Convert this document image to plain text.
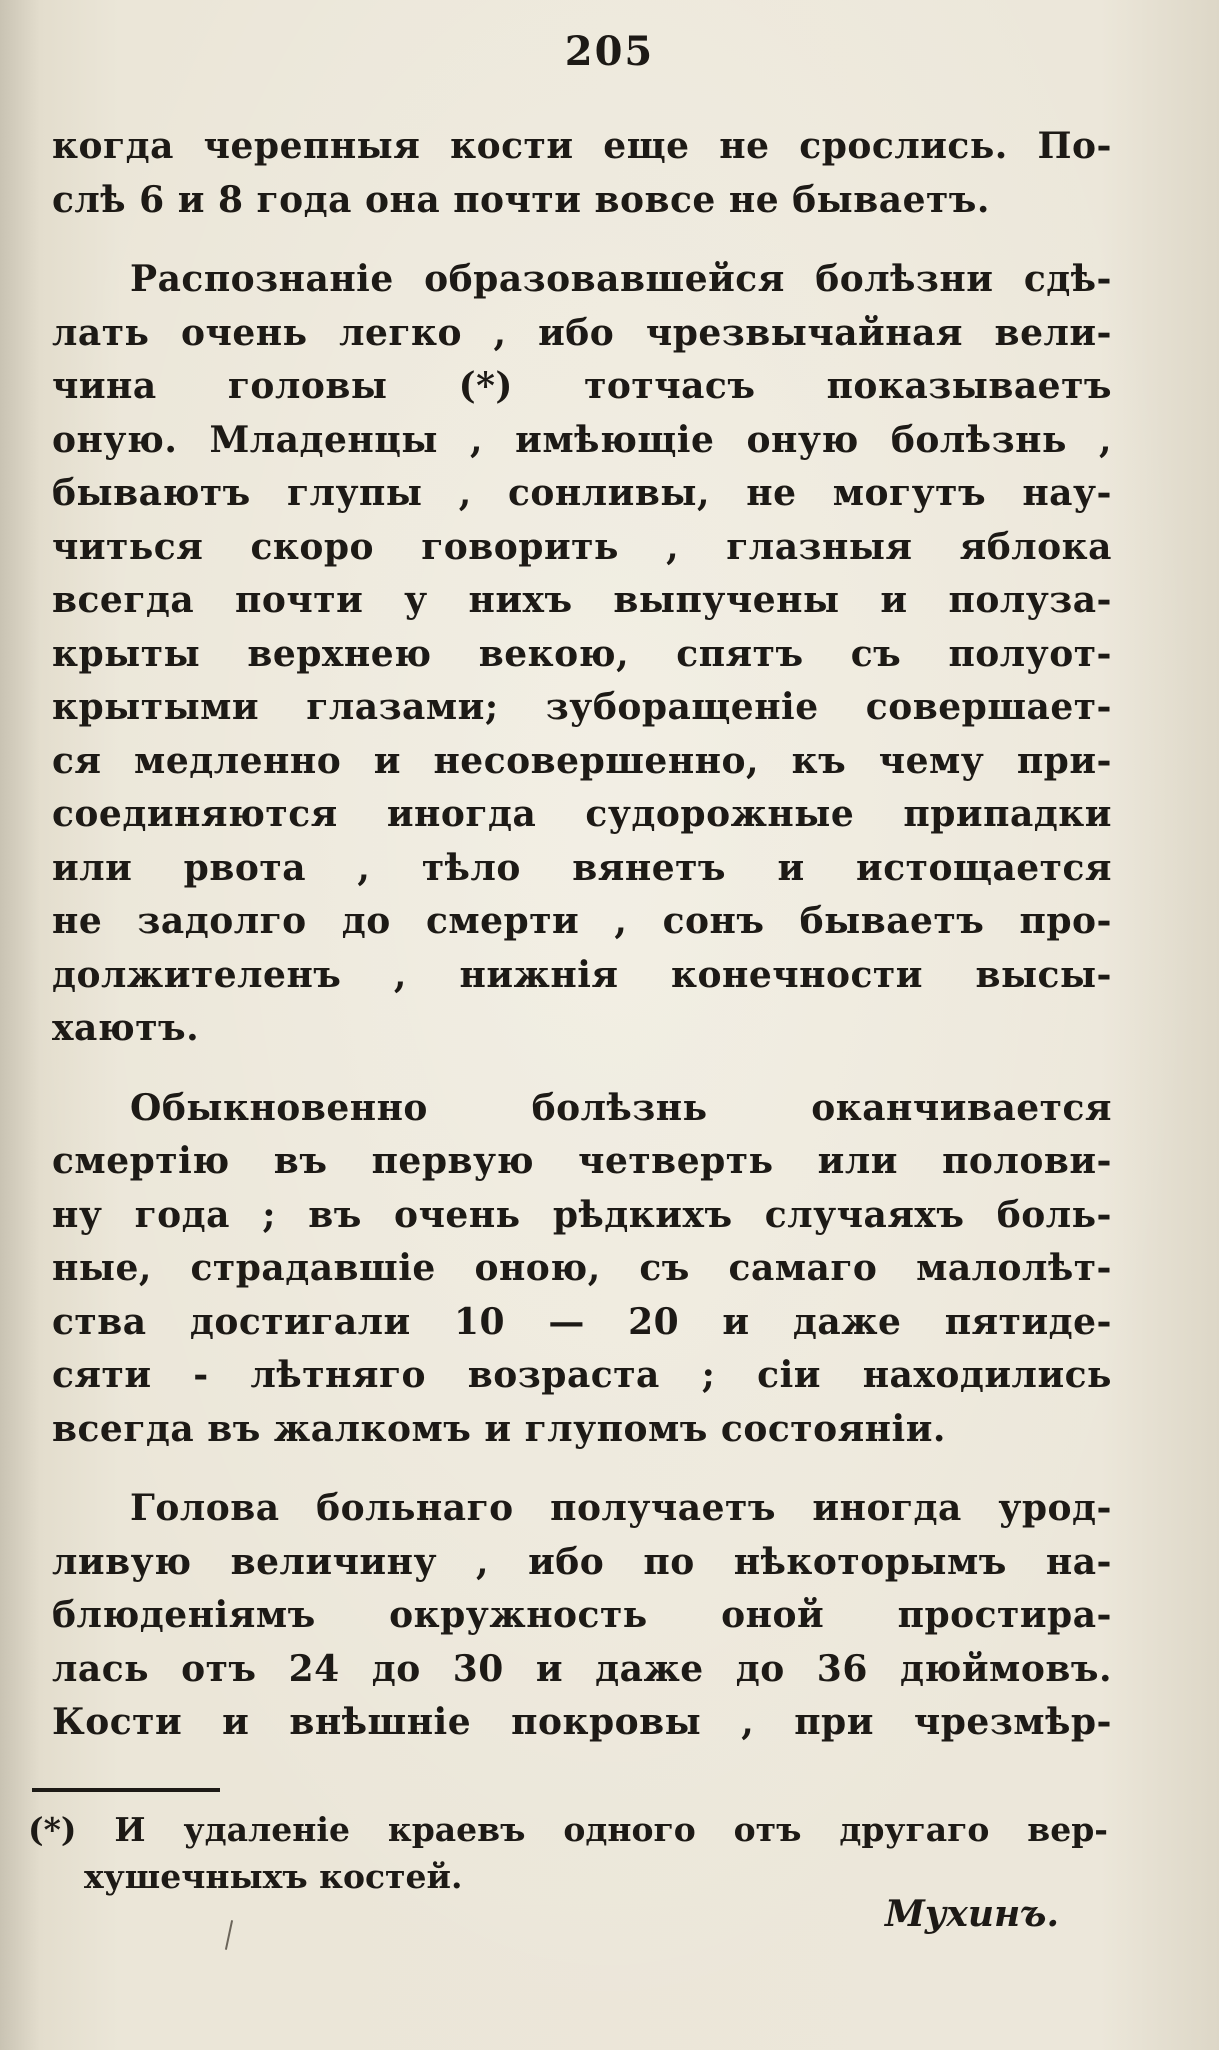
205
когда черепныя кости еще не срослись. По-
слѣ 6 и 8 года она почти вовсе не бываетъ.
Распознаніе образовавшейся болѣзни сдѣ-
лать очень легко , ибо чрезвычайная вели-
чина головы (*) тотчасъ показываетъ
оную. Младенцы , имѣющіе оную болѣзнь ,
бываютъ глупы , сонливы, не могутъ нау-
читься скоро говорить , глазныя яблока
всегда почти у нихъ выпучены и полуза-
крыты верхнею векою, спятъ съ полуот-
крытыми глазами; зуборащеніе совершает-
ся медленно и несовершенно, къ чему при-
соединяются иногда судорожные припадки
или рвота , тѣло вянетъ и истощается
не задолго до смерти , сонъ бываетъ про-
должителенъ , нижнія конечности высы-
хаютъ.
Обыкновенно болѣзнь оканчивается
смертію въ первую четверть или полови-
ну года ; въ очень рѣдкихъ случаяхъ боль-
ные, страдавшіе оною, съ самаго малолѣт-
ства достигали 10 — 20 и даже пятиде-
сяти - лѣтняго возраста ; сіи находились
всегда въ жалкомъ и глупомъ состояніи.
Голова больнаго получаетъ иногда урод-
ливую величину , ибо по нѣкоторымъ на-
блюденіямъ окружность оной простира-
лась отъ 24 до 30 и даже до 36 дюймовъ.
Кости и внѣшніе покровы , при чрезмѣр-
(*) И удаленіе краевъ одного отъ другаго вер-
хушечныхъ костей.
Мухинъ.
